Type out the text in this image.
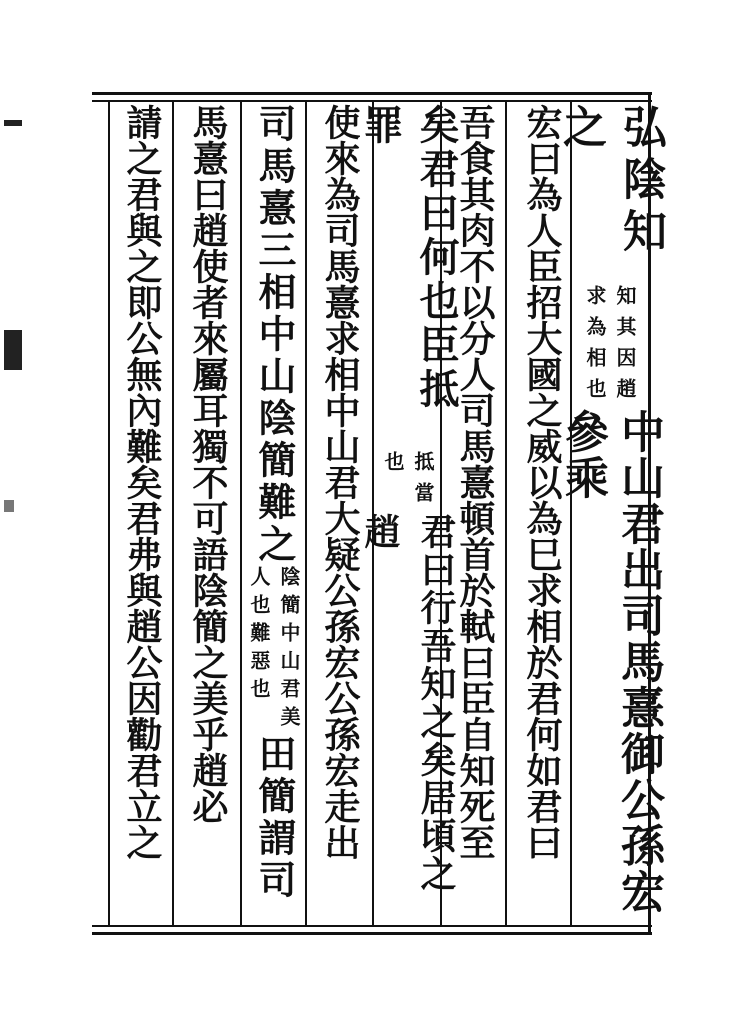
弘陰知之
知其因趙
求為相也
中山君出司馬憙御公孫宏參乘
宏曰為人臣招大國之威以為巳求相於君何如君曰
吾食其肉不以分人司馬憙頓首於軾曰臣自知死至
矣君曰何也臣抵罪
抵當
也
君曰行吾知之矣居頃之趙
使來為司馬憙求相中山君大疑公孫宏公孫宏走出
司馬憙三相中山陰簡難之
陰簡中山君美
人也難惡也
田簡謂司
馬憙曰趙使者來屬耳獨不可語陰簡之美乎趙必
請之君與之即公無內難矣君弗與趙公因勸君立之
